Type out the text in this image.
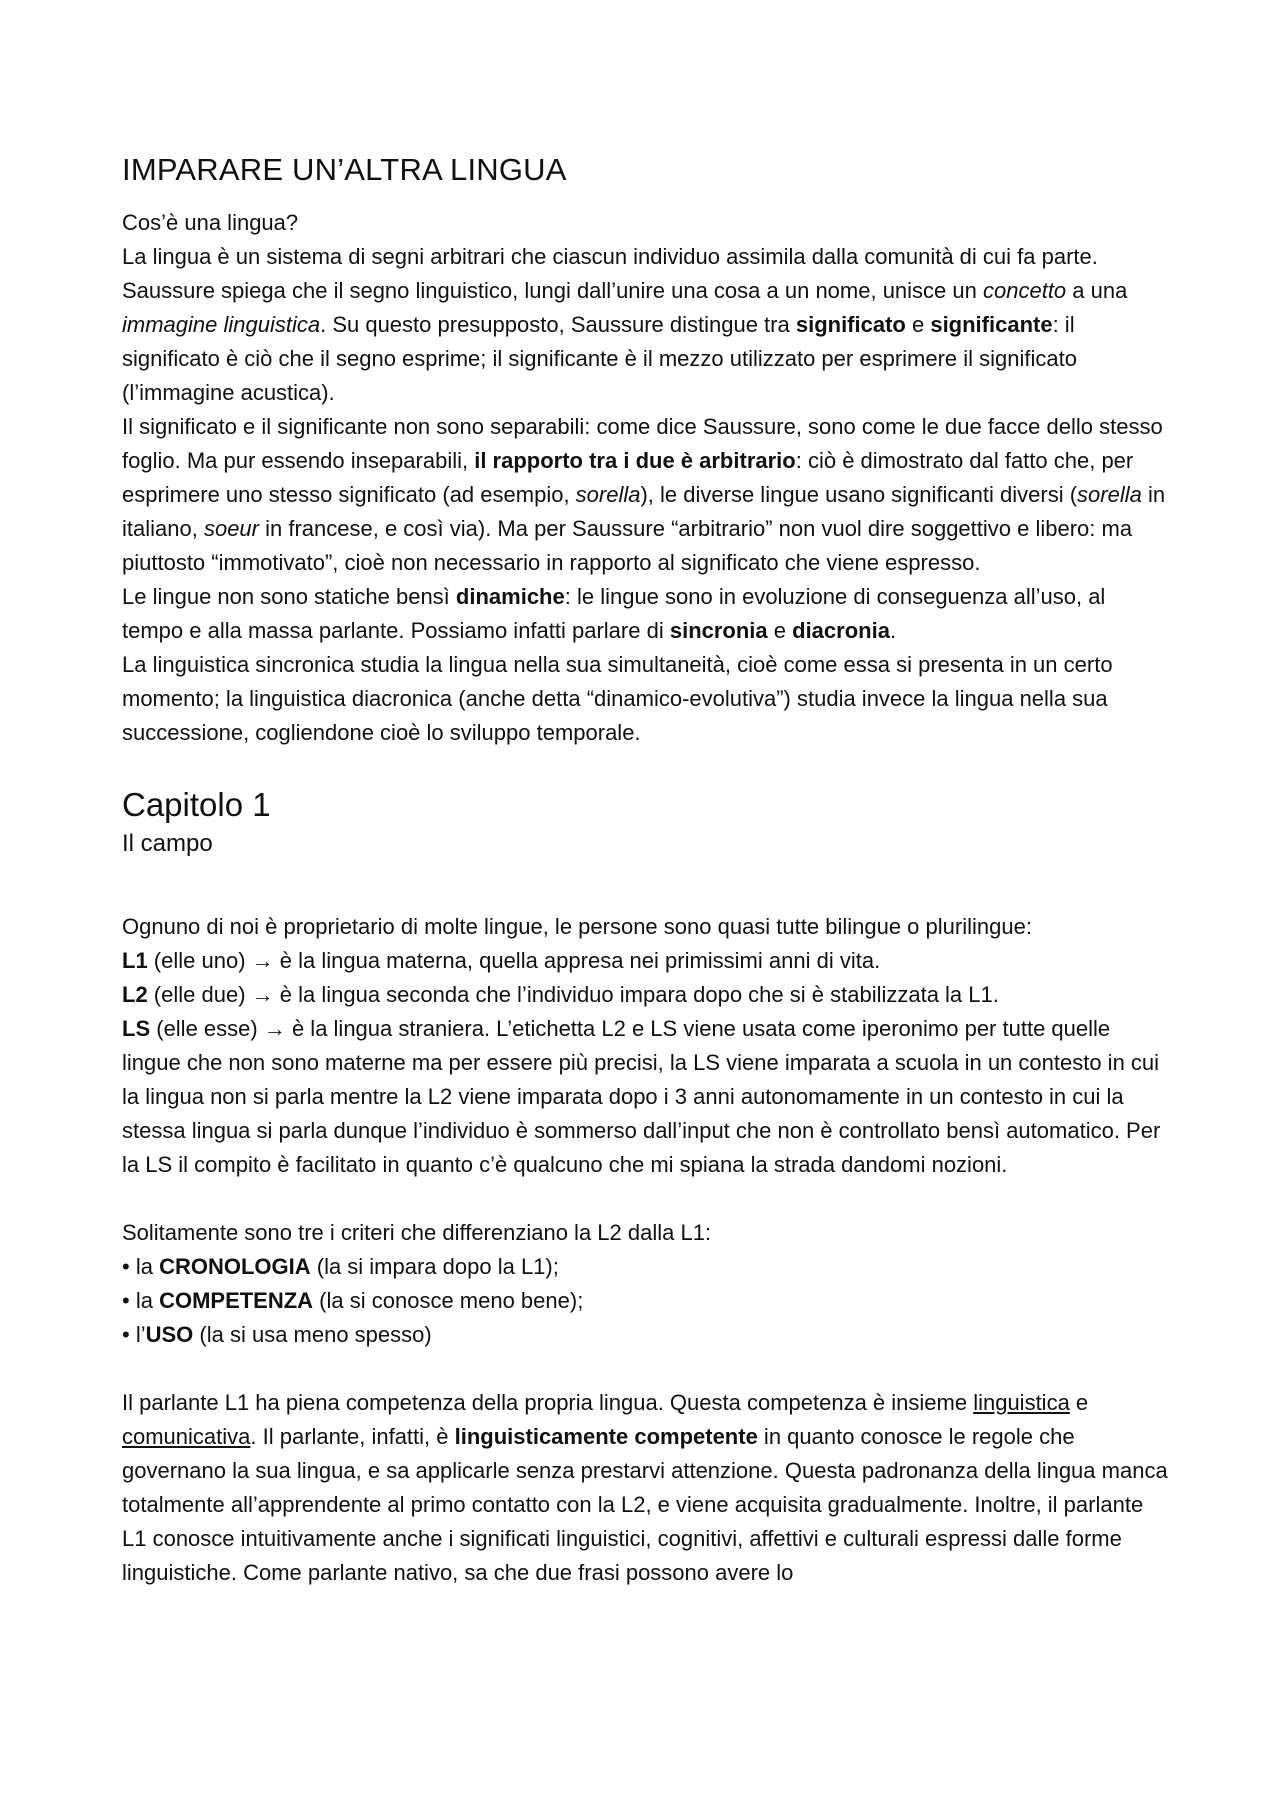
IMPARARE UN’ALTRA LINGUA

Cos’è una lingua?

La lingua è un sistema di segni arbitrari che ciascun individuo assimila dalla comunità di cui fa parte. Saussure spiega che il segno linguistico, lungi dall’unire una cosa a un nome, unisce un concetto a una immagine linguistica. Su questo presupposto, Saussure distingue tra significato e significante: il significato è ciò che il segno esprime; il significante è il mezzo utilizzato per esprimere il significato (l’immagine acustica).

Il significato e il significante non sono separabili: come dice Saussure, sono come le due facce dello stesso foglio. Ma pur essendo inseparabili, il rapporto tra i due è arbitrario: ciò è dimostrato dal fatto che, per esprimere uno stesso significato (ad esempio, sorella), le diverse lingue usano significanti diversi (sorella in italiano, soeur in francese, e così via). Ma per Saussure “arbitrario” non vuol dire soggettivo e libero: ma piuttosto “immotivato”, cioè non necessario in rapporto al significato che viene espresso.

Le lingue non sono statiche bensì dinamiche: le lingue sono in evoluzione di conseguenza all’uso, al tempo e alla massa parlante. Possiamo infatti parlare di sincronia e diacronia.

La linguistica sincronica studia la lingua nella sua simultaneità, cioè come essa si presenta in un certo momento; la linguistica diacronica (anche detta “dinamico-evolutiva”) studia invece la lingua nella sua successione, cogliendone cioè lo sviluppo temporale.

Capitolo 1
Il campo

Ognuno di noi è proprietario di molte lingue, le persone sono quasi tutte bilingue o plurilingue:

L1 (elle uno) → è la lingua materna, quella appresa nei primissimi anni di vita.

L2 (elle due) → è la lingua seconda che l’individuo impara dopo che si è stabilizzata la L1.

LS (elle esse) → è la lingua straniera. L’etichetta L2 e LS viene usata come iperonimo per tutte quelle lingue che non sono materne ma per essere più precisi, la LS viene imparata a scuola in un contesto in cui la lingua non si parla mentre la L2 viene imparata dopo i 3 anni autonomamente in un contesto in cui la stessa lingua si parla dunque l’individuo è sommerso dall’input che non è controllato bensì automatico. Per la LS il compito è facilitato in quanto c’è qualcuno che mi spiana la strada dandomi nozioni.

Solitamente sono tre i criteri che differenziano la L2 dalla L1:

• la CRONOLOGIA (la si impara dopo la L1);
• la COMPETENZA (la si conosce meno bene);
• l’USO (la si usa meno spesso)

Il parlante L1 ha piena competenza della propria lingua. Questa competenza è insieme linguistica e comunicativa. Il parlante, infatti, è linguisticamente competente in quanto conosce le regole che governano la sua lingua, e sa applicarle senza prestarvi attenzione. Questa padronanza della lingua manca totalmente all’apprendente al primo contatto con la L2, e viene acquisita gradualmente. Inoltre, il parlante L1 conosce intuitivamente anche i significati linguistici, cognitivi, affettivi e culturali espressi dalle forme linguistiche. Come parlante nativo, sa che due frasi possono avere lo
